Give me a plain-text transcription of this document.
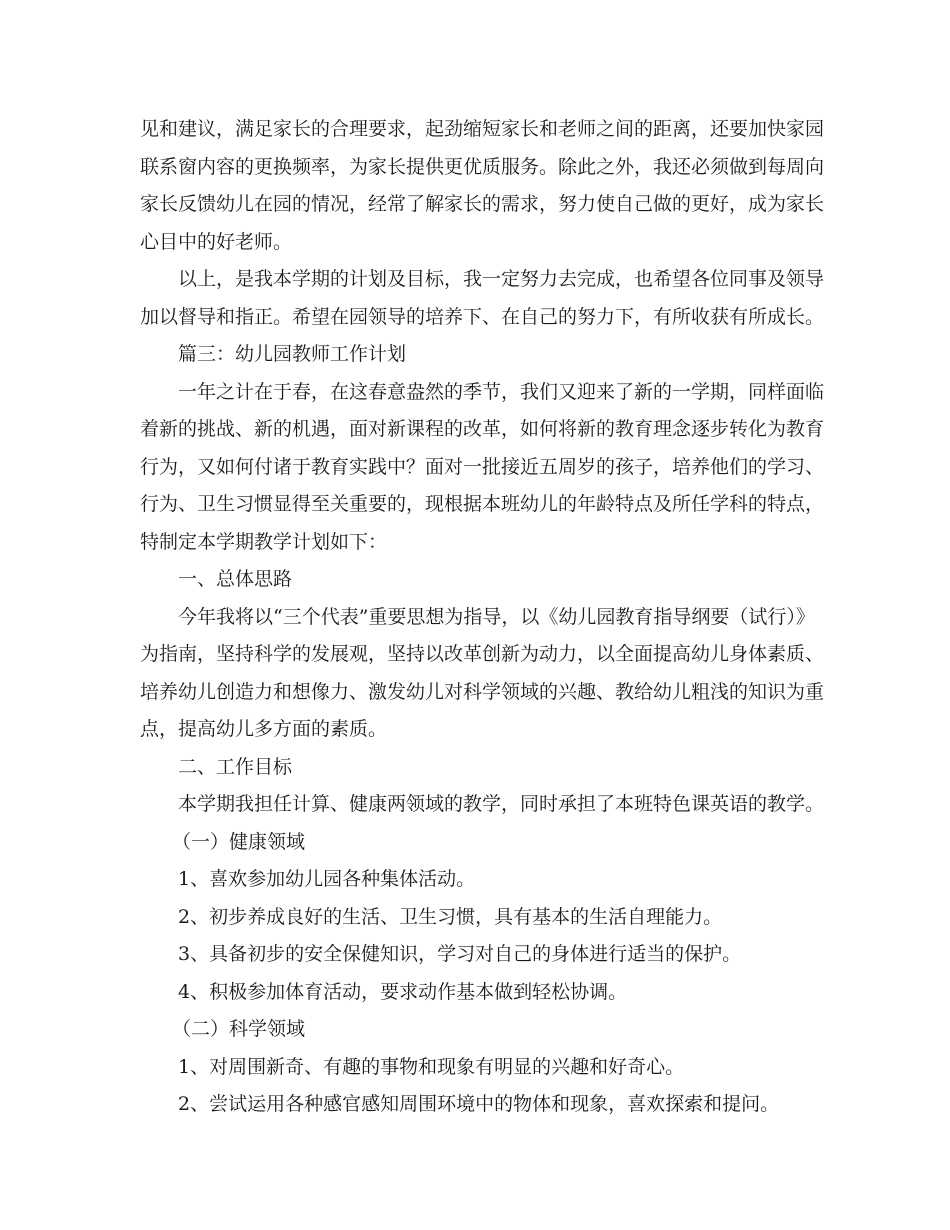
见和建议，满足家长的合理要求，起劲缩短家长和老师之间的距离，还要加快家园
联系窗内容的更换频率，为家长提供更优质服务。除此之外，我还必须做到每周向
家长反馈幼儿在园的情况，经常了解家长的需求，努力使自己做的更好，成为家长
心目中的好老师。
以上，是我本学期的计划及目标，我一定努力去完成，也希望各位同事及领导
加以督导和指正。希望在园领导的培养下、在自己的努力下，有所收获有所成长。
篇三：幼儿园教师工作计划
一年之计在于春，在这春意盎然的季节，我们又迎来了新的一学期，同样面临
着新的挑战、新的机遇，面对新课程的改革，如何将新的教育理念逐步转化为教育
行为，又如何付诸于教育实践中？面对一批接近五周岁的孩子，培养他们的学习、
行为、卫生习惯显得至关重要的，现根据本班幼儿的年龄特点及所任学科的特点，
特制定本学期教学计划如下：
一、总体思路
今年我将以“三个代表”重要思想为指导，以《幼儿园教育指导纲要（试行）》
为指南，坚持科学的发展观，坚持以改革创新为动力，以全面提高幼儿身体素质、
培养幼儿创造力和想像力、激发幼儿对科学领域的兴趣、教给幼儿粗浅的知识为重
点，提高幼儿多方面的素质。
二、工作目标
本学期我担任计算、健康两领域的教学，同时承担了本班特色课英语的教学。
（一）健康领域
1、喜欢参加幼儿园各种集体活动。
2、初步养成良好的生活、卫生习惯，具有基本的生活自理能力。
3、具备初步的安全保健知识，学习对自己的身体进行适当的保护。
4、积极参加体育活动，要求动作基本做到轻松协调。
（二）科学领域
1、对周围新奇、有趣的事物和现象有明显的兴趣和好奇心。
2、尝试运用各种感官感知周围环境中的物体和现象，喜欢探索和提问。
